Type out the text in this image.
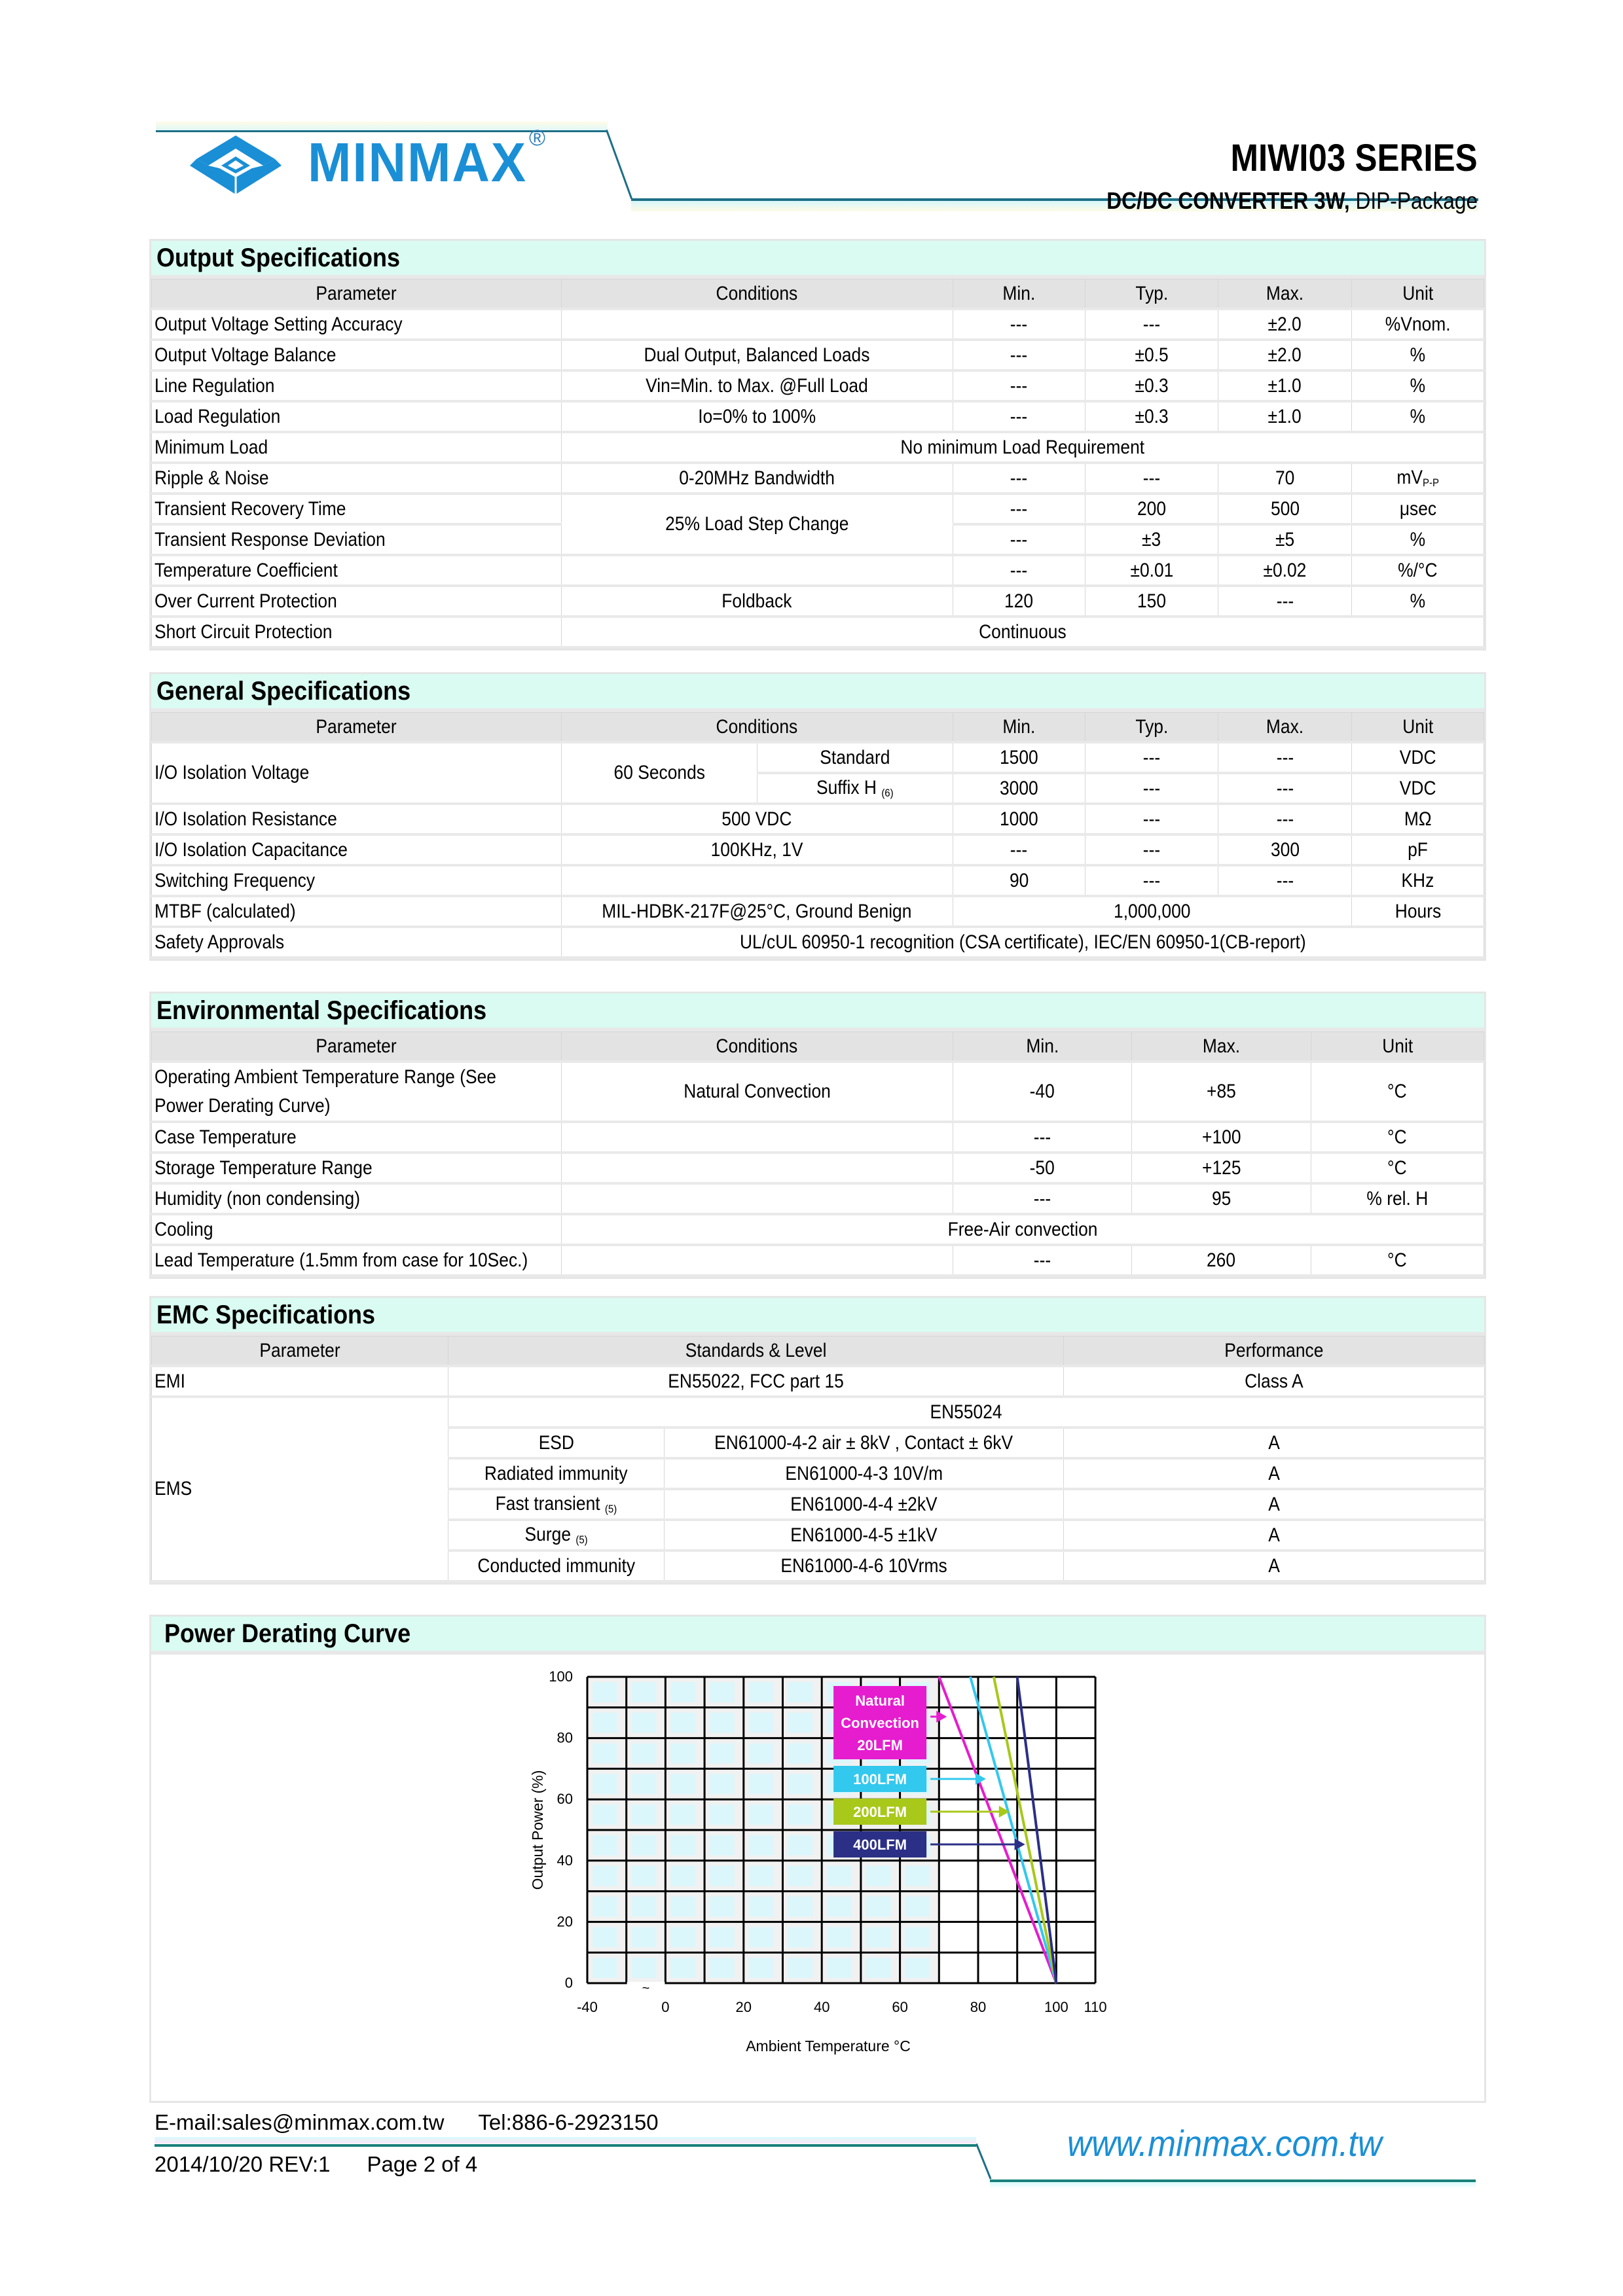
MINMAX ®	MIWI03 SERIES
DC/DC CONVERTER 3W, DIP-Package
Output Specifications
Parameter	Conditions	Min.	Typ.	Max.	Unit
Output Voltage Setting Accuracy		---	---	±2.0	%Vnom.
Output Voltage Balance	Dual Output, Balanced Loads	---	±0.5	±2.0	%
Line Regulation	Vin=Min. to Max. @Full Load	---	±0.3	±1.0	%
Load Regulation	Io=0% to 100%	---	±0.3	±1.0	%
Minimum Load	No minimum Load Requirement				
Ripple & Noise	0-20MHz Bandwidth	---	---	70	$mV_{P-P}$
Transient Recovery Time	25% Load Step Change	---	200	500	μsec
Transient Response Deviation		---	±3	±5	%
Temperature Coefficient		---	±0.01	±0.02	%/°C
Over Current Protection	Foldback	120	150	---	%
Short Circuit Protection	Continuous				
General Specifications
Parameter	Conditions		Min.	Typ.	Max.	Unit
I/O Isolation Voltage	60 Seconds	Standard	1500	---	---	VDC
		Suffix H $_{(6)}$	3000	---	---	VDC
I/O Isolation Resistance	500 VDC		1000	---	---	MΩ
I/O Isolation Capacitance	100KHz, 1V		---	---	300	pF
Switching Frequency			90	---	---	KHz
MTBF (calculated)	MIL-HDBK-217F@25°C, Ground Benign		1,000,000			Hours
Safety Approvals	UL/cUL 60950-1 recognition (CSA certificate), IEC/EN 60950-1(CB-report)					
Environmental Specifications
Parameter	Conditions	Min.	Max.	Unit
Operating Ambient Temperature Range (See
Power Derating Curve)	Natural Convection	-40	+85	°C
Case Temperature		---	+100	°C
Storage Temperature Range		-50	+125	°C
Humidity (non condensing)		---	95	% rel. H
Cooling	Free-Air convection			
Lead Temperature (1.5mm from case for 10Sec.)		---	260	°C
EMC Specifications
Parameter	Standards & Level		Performance
EMI	EN55022, FCC part 15		Class A
EMS	EN55024		
	ESD	EN61000-4-2 air ± 8kV , Contact ± 6kV	A
	Radiated immunity	EN61000-4-3 10V/m	A
	Fast transient $_{(5)}$	EN61000-4-4 ±2kV	A
	Surge $_{(5)}$	EN61000-4-5 ±1kV	A
	Conducted immunity	EN61000-4-6 10Vrms	A
Power Derating Curve
~
0
20
40
60
80
100
-40	0	20	40	60	80	100 110
Ambient Temperature °C
Output Power (%)
Natural
Convection
20LFM
100LFM
200LFM
400LFM
E-mail:sales@minmax.com.tw Tel:886-6-2923150
2014/10/20 REV:1 Page 2 of 4
www.minmax.com.tw
